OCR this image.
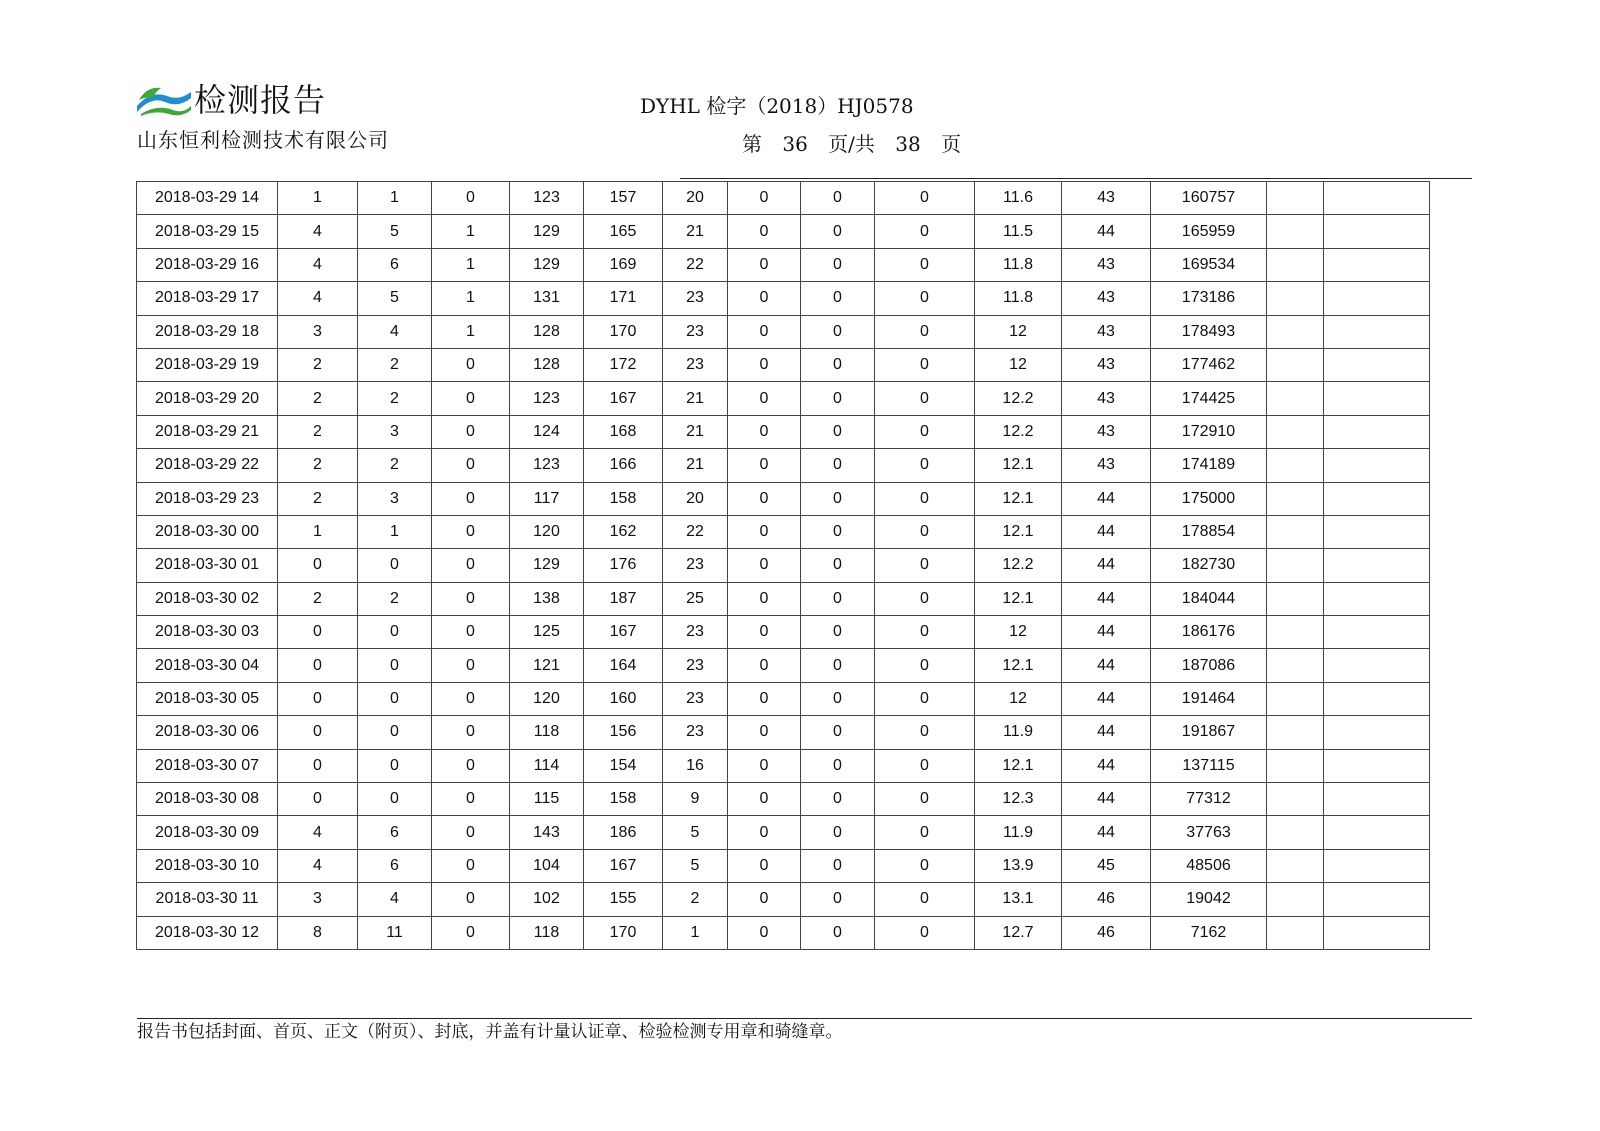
检测报告
山东恒利检测技术有限公司
DYHL 检字（2018）HJ0578
第 36 页/共 38 页
2018-03-29 14	1	1	0	123	157	20	0	0	0	11.6	43	160757		
2018-03-29 15	4	5	1	129	165	21	0	0	0	11.5	44	165959		
2018-03-29 16	4	6	1	129	169	22	0	0	0	11.8	43	169534		
2018-03-29 17	4	5	1	131	171	23	0	0	0	11.8	43	173186		
2018-03-29 18	3	4	1	128	170	23	0	0	0	12	43	178493		
2018-03-29 19	2	2	0	128	172	23	0	0	0	12	43	177462		
2018-03-29 20	2	2	0	123	167	21	0	0	0	12.2	43	174425		
2018-03-29 21	2	3	0	124	168	21	0	0	0	12.2	43	172910		
2018-03-29 22	2	2	0	123	166	21	0	0	0	12.1	43	174189		
2018-03-29 23	2	3	0	117	158	20	0	0	0	12.1	44	175000		
2018-03-30 00	1	1	0	120	162	22	0	0	0	12.1	44	178854		
2018-03-30 01	0	0	0	129	176	23	0	0	0	12.2	44	182730		
2018-03-30 02	2	2	0	138	187	25	0	0	0	12.1	44	184044		
2018-03-30 03	0	0	0	125	167	23	0	0	0	12	44	186176		
2018-03-30 04	0	0	0	121	164	23	0	0	0	12.1	44	187086		
2018-03-30 05	0	0	0	120	160	23	0	0	0	12	44	191464		
2018-03-30 06	0	0	0	118	156	23	0	0	0	11.9	44	191867		
2018-03-30 07	0	0	0	114	154	16	0	0	0	12.1	44	137115		
2018-03-30 08	0	0	0	115	158	9	0	0	0	12.3	44	77312		
2018-03-30 09	4	6	0	143	186	5	0	0	0	11.9	44	37763		
2018-03-30 10	4	6	0	104	167	5	0	0	0	13.9	45	48506		
2018-03-30 11	3	4	0	102	155	2	0	0	0	13.1	46	19042		
2018-03-30 12	8	11	0	118	170	1	0	0	0	12.7	46	7162		
报告书包括封面、首页、正文（附页）、封底，并盖有计量认证章、检验检测专用章和骑缝章。
